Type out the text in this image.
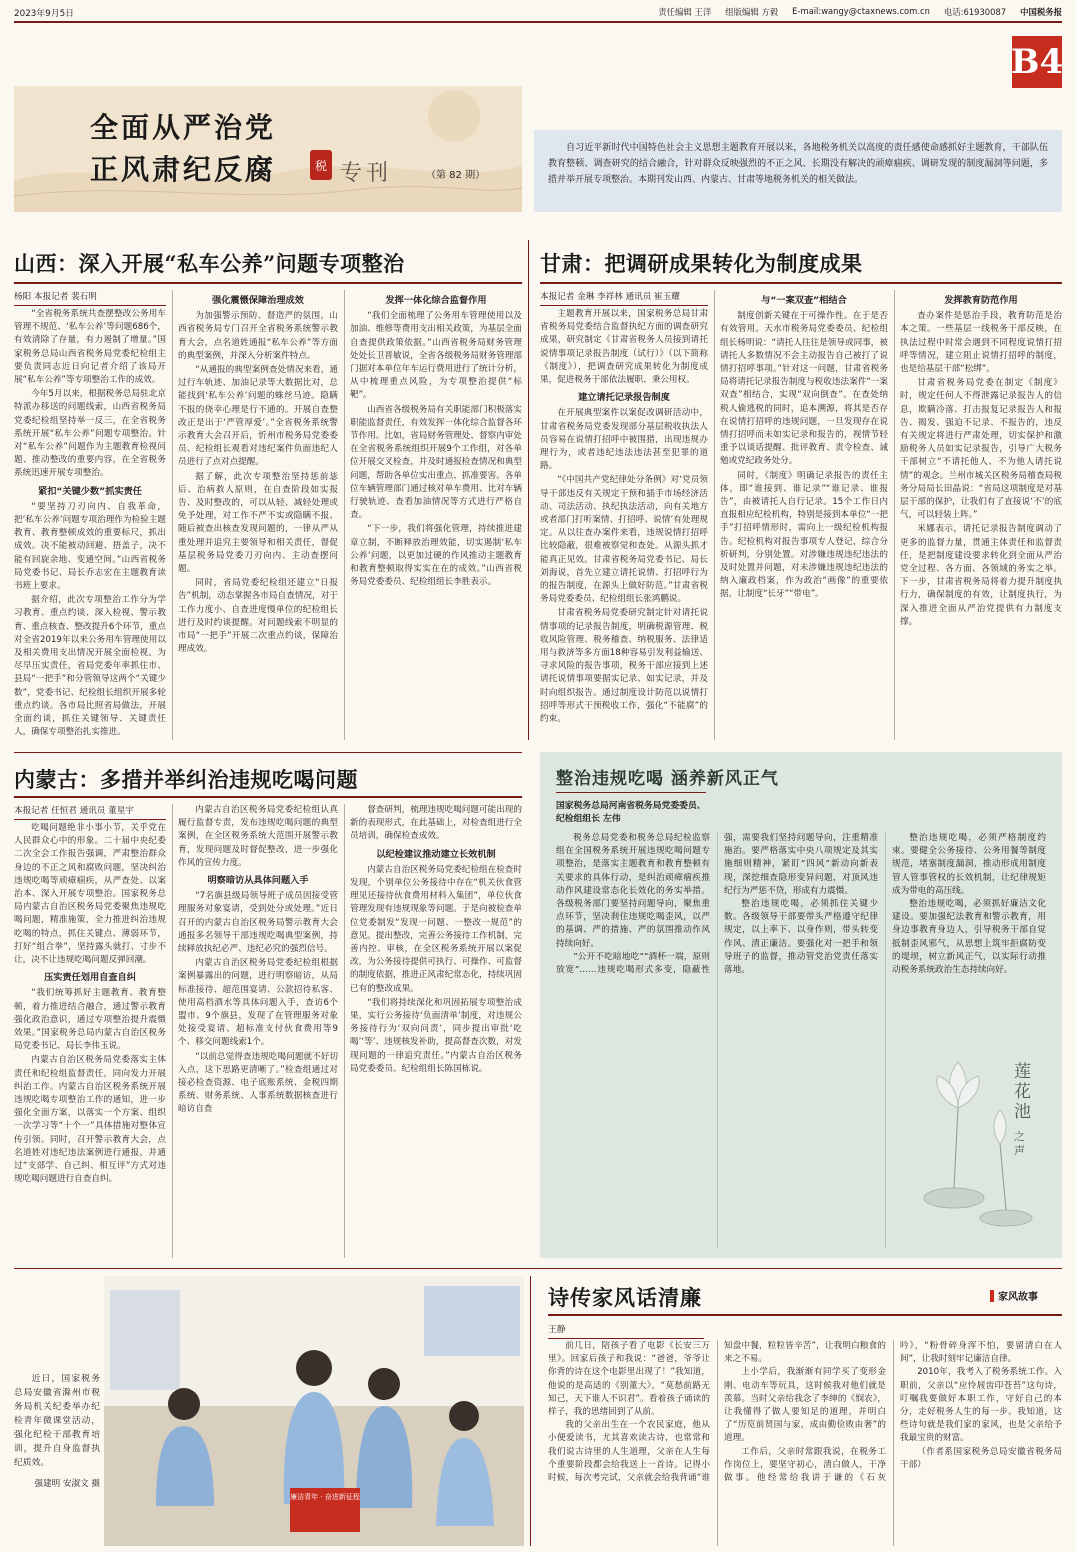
2023年9月5日	责任编辑 王洋 组版编辑 方毅 E-mail:wangy@ctaxnews.com.cn 电话:61930087 中国税务报
B4
全面从严治党
正风肃纪反腐	税 专刊	（第 82 期）
自习近平新时代中国特色社会主义思想主题教育开展以来，各地税务机关以高度的责任感使命感抓好主题教育，干部队伍教育整顿、调查研究的结合融合，针对群众反映强烈的不正之风、长期没有解决的顽瘴痼疾、调研发现的制度漏洞等问题，多措并举开展专项整治。本期刊发山西、内蒙古、甘肃等地税务机关的相关做法。
山西：深入开展“私车公养”问题专项整治
杨阳 本报记者 裴石明

“全省税务系统共查摆整改公务用车管理不规范、‘私车公养’等问题686个，有效清除了存量，有力遏制了增量。”国家税务总局山西省税务局党委纪检组主要负责同志近日向记者介绍了该局开展“私车公养”等专项整治工作的成效。

今年5月以来，根据税务总局驻北京特派办移送的问题线索，山西省税务局党委纪检组坚持举一反三，在全省税务系统开展“私车公养”问题专项整治。针对“私车公养”问题作为主题教育检视问题、推动整改的重要内容，在全省税务系统迅速开展专项整治。

紧扣“关键少数”抓实责任

“要坚持刀刃向内、自我革命，把‘私车公养’问题专项治理作为检验主题教育、教育整顿成效的重要标尺，抓出成效。决不能被动回避、捂盖子，决不能有回旋余地、变通空间。”山西省税务局党委书记、局长乔志宏在主题教育读书班上要求。

据介绍，此次专项整治工作分为学习教育、重点约谈、深入检视、警示教育、重点核查、整改提升6个环节，重点对全省2019年以来公务用车管理使用以及相关费用支出情况开展全面检视。为尽早压实责任，省局党委年率抓住市、县局“一把手”和分管领导这两个“关键少数”，党委书记、纪检组长组织开展多轮重点约谈。各市局比照省局做法，开展全面约谈，抓住关键领导、关键责任人，确保专项整治扎实推进。

强化震慑保障治理成效

为加强警示预防、督造严的氛围，山西省税务局专门召开全省税务系统警示教育大会，点名道姓通报“私车公养”等方面的典型案例，并深入分析案件特点。

“从通报的典型案例查处情况来看，通过行车轨迹、加油记录等大数据比对，总能找到‘私车公养’问题的蛛丝马迹。隐瞒不报的侥幸心理是行不通的。开展自查整改正是出于‘严管厚爱’。”全省税务系统警示教育大会召开后，忻州市税务局党委委员、纪检组长观看对违纪案件负面违纪人员进行了点对点提醒。

据了解，此次专项整治坚持惩前毖后、治病救人原则，在自查阶段如实报告、及时整改的，可以从轻、减轻处理或免予处理，对工作不严不实或隐瞒不报、随后被查出核查发现问题的，一律从严从重处理并追究主要领导和相关责任，督促基层税务局党委刀刃向内、主动查摆问题。

同时，省局党委纪检组还建立“日报告”机制，动态掌握各市局自查情况，对于工作力度小、自查进度慢单位的纪检组长进行及时约谈提醒。对问题线索不明显的市局“一把手”开展二次重点约谈，保障治理成效。

发挥一体化综合监督作用

“我们全面梳理了公务用车管理使用以及加油、维修等费用支出相关政策，为基层全面自查提供政策依据。”山西省税务局财务管理处处长卫晋敏说，全省各级税务局财务管理部门据对本单位年车运行费用进行了统计分析，从中梳理重点风险，为专项整治提供“标靶”。

山西省各级税务局有关职能部门积极落实职能监督责任，有效发挥一体化综合监督各环节作用。比如，省局财务管理处、督察内审处在全省税务系统组织开展9个工作组，对各单位开展交叉检查，并及时通报检查情况和典型问题，帮助各单位实出重点、抓准要害。各单位车辆管理部门通过核对单车费用、比对车辆行驶轨迹、查看加油情况等方式进行严格自查。

“下一步，我们将强化管理，持续推进建章立制，不断释放治理效能，切实遏制‘私车公养’问题，以更加过硬的作风推动主题教育和教育整顿取得实实在在的成效。”山西省税务局党委委员、纪检组组长李胜表示。

甘肃：把调研成果转化为制度成果
本报记者 金琳 李祥林 通讯员 崔玉耀

主题教育开展以来，国家税务总局甘肃省税务局党委结合监督执纪方面的调查研究成果，研究制定《甘肃省税务人员接到请托说情事项记录报告制度（试行）》（以下简称《制度》），把调查研究成果转化为制度成果，促进税务干部依法履职、秉公用权。

建立请托记录报告制度

在开展典型案件以案促改调研活动中，甘肃省税务局党委发现部分基层税收执法人员容易在说情打招呼中被围猎，出现违规办理行为，或者违纪违法违法甚至犯罪的道路。

“《中国共产党纪律处分条例》对‘党员领导干部违反有关规定干预和插手市场经济活动、司法活动、执纪执法活动，向有关地方或者部门打听案情、打招呼、说情’有处理规定。从以往查办案件来看，违规说情打招呼比较隐蔽，很难被察觉和查处。从源头抓才能真正见效。甘肃省税务局党委书记、局长刘海说，首先立建立请托说情、打招呼行为的报告制度，在源头上做好防范。”甘肃省税务局党委委员、纪检组组长张鸿鹏说。

甘肃省税务局党委研究制定针对请托说情事项的记录报告制度，明确税源管理、税收风险管理、税务稽查、纳税服务、法律适用与救济等多方面18种容易引发利益输送、寻求风险的报告事项，税务干部应接到上述请托说情事项要据实记录、如实记录，并及时向组织报告。通过制度设计防范以说情打招呼等形式干预税收工作，强化“不能腐”的约束。

与“一案双查”相结合

制度创新关键在于可操作性。在于是否有效管用。天水市税务局党委委员、纪检组组长杨明说：“请托人往往是领导或同事，被请托人多数情况不会主动报告自己被打了说情打招呼事项。”针对这一问题，甘肃省税务局将请托记录报告制度与税收违法案件“一案双查”相结合，实现“双向倒查”。在查处纳税人偷逃税的同时，追本溯源，将其是否存在说情打招呼的违规问题，一旦发现存在说情打招呼而未如实记录和报告的，视情节轻重予以谈话提醒、批评教育、责令检查、诫勉或党纪政务处分。

同时，《制度》明确记录报告的责任主体，即“谁接到、谁记录”“谁记录、谁报告”，由被请托人自行记录。15个工作日内直报相应纪检机构，特别是接到本单位“一把手”打招呼情形时，需向上一级纪检机构报告。纪检机构对报告事项专人登记，综合分析研判，分别处置。对涉嫌违规违纪违法的及时处置并问题，对未涉嫌违规违纪违法的纳入廉政档案，作为政治“画像”的重要依据，让制度“长牙”“带电”。

发挥教育防范作用

查办案件是惩治手段，教育防范是治本之策。一些基层一线税务干部反映，在执法过程中时常会遇到不同程度说情打招呼等情况，建立阻止说情打招呼的制度，也是给基层干部“松绑”。

甘肃省税务局党委在制定《制度》时，规定任何人不得泄露记录报告人的信息，欺瞒冷落、打击报复记录报告人和报告、揭发、强迫不记录、不报告的，违反有关规定将进行严肃处理，切实保护和激励税务人员如实记录报告，引导广大税务干部树立“不请托他人、不为他人请托说情”的观念。兰州市城关区税务局稽查局税务分局局长田晶说：“省局这项制度是对基层干部的保护，让我们有了直接说‘不’的底气，可以轻装上阵。”

米娜表示，请托记录报告制度调动了更多的监督力量，贯通主体责任和监督责任，是把制度建设要求转化到全面从严治党全过程、各方面、各领域的务实之举。下一步，甘肃省税务局将着力提升制度执行力，确保制度的有效，让制度执行，为深入推进全面从严治党提供有力制度支撑。

内蒙古：多措并举纠治违规吃喝问题
本报记者 任恒君 通讯员 董星宇

吃喝问题绝非小事小节，关乎党在人民群众心中的形象。二十届中央纪委二次全会工作报告强调，严肃整治群众身边的不正之风和腐败问题，坚决纠治违规吃喝等顽瘴痼疾，从严查处、以案治本、深入开展专项整治。国家税务总局内蒙古自治区税务局党委聚焦违规吃喝问题，精准施策，全力推进纠治违规吃喝的特点，抓住关键点、薄弱环节，打好“组合拳”，坚持露头就打、寸步不让，决不让违规吃喝问题反弹回潮。

压实责任划用自查自纠

“我们统筹抓好主题教育、教育整顿，着力推进结合融合，通过警示教育强化政治意识，通过专项整治提升震慑效果。”国家税务总局内蒙古自治区税务局党委书记、局长李伟玉说。

内蒙古自治区税务局党委落实主体责任和纪检组监督责任，同向发力开展纠治工作。内蒙古自治区税务系统开展违规吃喝专项整治工作的通知，进一步强化全面方案，以落实一个方案、组织一次学习等“十个一”具体措施对整体宣传引领。同时，召开警示教育大会，点名道姓对违纪违法案例进行通报，并通过“支部学、自己纠、相互评”方式对违规吃喝问题进行自查自纠。

内蒙古自治区税务局党委纪检组认真履行监督专责，发布违规吃喝问题的典型案例，在全区税务系统大范围开展警示教育，发现问题及时督促整改，进一步强化作风的宣传力度。

明察暗访从具体问题入手

“7名旗县级局领导班子成员因接受管理服务对象宴请，受到处分或处理。”近日召开的内蒙古自治区税务局警示教育大会通报多名领导干部违规吃喝典型案例，持续释放执纪必严、违纪必究的强烈信号。

内蒙古自治区税务局党委纪检组根据案例暴露出的问题，进行明察暗访，从局标准接待、超范围宴请、公款招待私客、使用高档酒水等具体问题入手，查访6个盟市、9个旗县，发现了在管理服务对象处接受宴请、超标准支付伙食费用等9个、移交问题线索1个。

“以前总觉得查违规吃喝问题就不好切入点，这下思路更清晰了。”检查组通过对接必检查资源、电子底账系统、金税四期系统、财务系统、人事系统数据核查进行暗访自查

督查研判，梳理违规吃喝问题可能出现的新的表现形式，在此基础上，对检查组进行全员培训，确保检查成效。

以纪检建议推动建立长效机制

内蒙古自治区税务局党委纪检组在检查时发现，个别单位公务接待中存在“机关伙食管理见还接待伙食费用材料入集团”，单位伙食管理发现有违规现象等问题。于是向被检查单位党委制发“发现一问题、一整改一规范”的意见。提出整改，完善公务接待工作机制，完善内控、审核，在全区税务系统开展以案促改，为公务接待提供可执行、可操作、可监督的制度依据，推进正风肃纪常态化，持续巩固已有的整改成果。

“我们将持续深化和巩固拓展专项整治成果，实行公务接待‘负面清单’制度，对违规公务接待行为‘双向问责’，同步提出审批‘吃喝’‘等’、违规核发补助，提高督查次数，对发现问题的一律追究责任。”内蒙古自治区税务局党委委员、纪检组组长陈国栋说。

整治违规吃喝 涵养新风正气
国家税务总局河南省税务局党委委员、纪检组组长 左伟

税务总局党委和税务总局纪检监察组在全国税务系统开展违规吃喝问题专项整治，是落实主题教育和教育整顿有关要求的具体行动，是纠治顽瘴痼疾推动作风建设常态化长效化的务实举措。各级税务部门要坚持问题导向，聚焦重点环节，坚决刹住违规吃喝歪风，以严的基调、严的措施、严的氛围推动作风持续向好。

“公开不吃暗地吃”“酒杯一端，原则放宽”……违规吃喝形式多变，隐蔽性强，需要我们坚持问题导向，注重精准施治。要严格落实中央八项规定及其实施细则精神，紧盯“四风”新动向新表现，深挖细查隐形变异问题，对顶风违纪行为严惩不贷，形成有力震慑。

整治违规吃喝，必须抓住关键少数。各级领导干部要带头严格遵守纪律规定，以上率下、以身作则，带头转变作风、清正廉洁。要强化对一把手和领导班子的监督，推动管党治党责任落实落地。

整治违规吃喝，必须严格制度约束。要健全公务接待、公务用餐等制度规范，堵塞制度漏洞，推动形成用制度管人管事管权的长效机制，让纪律规矩成为带电的高压线。

整治违规吃喝，必须抓好廉洁文化建设。要加强纪法教育和警示教育，用身边事教育身边人，引导税务干部自觉抵制歪风邪气，从思想上筑牢拒腐防变的堤坝，树立新风正气，以实际行动推动税务系统政治生态持续向好。

莲花池
之声
近日，国家税务总局安徽省滁州市税务局机关纪委举办纪检青年微课堂活动，强化纪检干部教育培训，提升自身监督执纪质效。
强建明 安淑文 摄
廉洁青年 · 奋进新征程
诗传家风话清廉	家风故事
王静

前几日，陪孩子看了电影《长安三万里》。回家后孩子和我说：“爸爸，爷爷让你背的诗在这个电影里出现了！”我知道，他说的是高适的《别董大》，“莫愁前路无知己，天下谁人不识君”。看着孩子诵读的样子，我的思绪回到了从前。

我的父亲出生在一个农民家庭，他从小便爱读书，尤其喜欢读古诗，也常常和我们说古诗里的人生道理，父亲在人生每个重要阶段都会给我送上一首诗。记得小时候，每次考完试，父亲就会给我背诵“谁知盘中餐，粒粒皆辛苦”，让我明白粮食的来之不易。

上小学后，我渐渐有同学买了变形金刚、电动车等玩具，这时候我对他们就是羡慕。当时父亲给我念了李绅的《悯农》，让我懂得了做人要知足的道理，并明白了“历览前贤国与家，成由勤俭败由奢”的道理。

工作后，父亲时常跟我说，在税务工作岗位上，要坚守初心，清白做人，干净做事。他经常给我讲于谦的《石灰吟》，“粉骨碎身浑不怕，要留清白在人间”，让我时刻牢记廉洁自律。

2010年，我考入了税务系统工作。入职前，父亲以“应怜屐齿印苍苔”这句诗，叮嘱我要做好本职工作，守好自己的本分，走好税务人生的每一步。我知道，这些诗句就是我们家的家风，也是父亲给予我最宝贵的财富。

（作者系国家税务总局安徽省税务局干部）
